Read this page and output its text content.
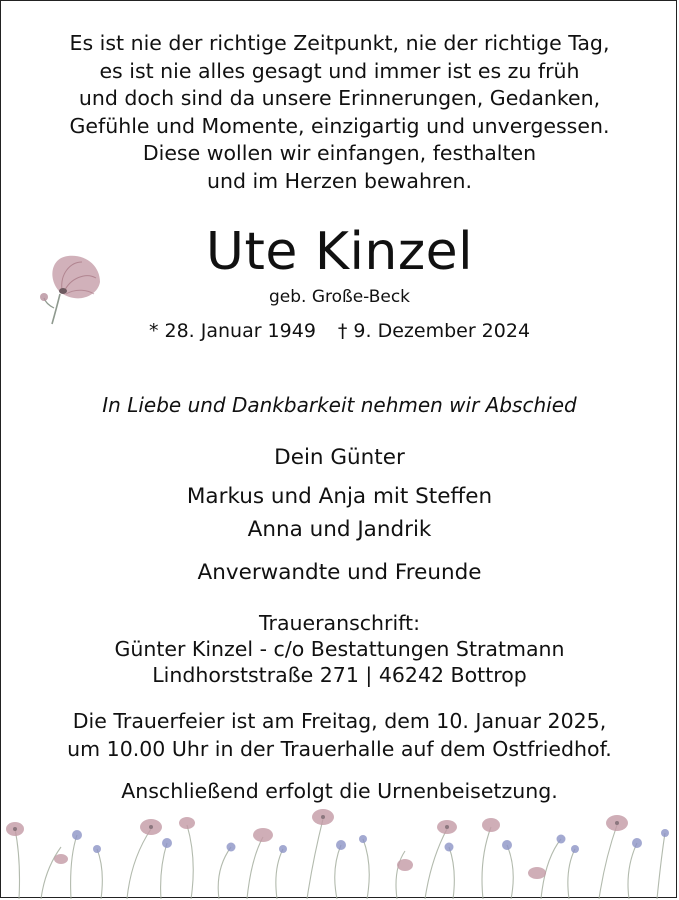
Es ist nie der richtige Zeitpunkt, nie der richtige Tag,
es ist nie alles gesagt und immer ist es zu früh
und doch sind da unsere Erinnerungen, Gedanken,
Gefühle und Momente, einzigartig und unvergessen.
Diese wollen wir einfangen, festhalten
und im Herzen bewahren.
Ute Kinzel
geb. Große-Beck
* 28. Januar 1949 † 9. Dezember 2024
In Liebe und Dankbarkeit nehmen wir Abschied
Dein Günter
Markus und Anja mit Steffen
Anna und Jandrik
Anverwandte und Freunde
Traueranschrift:
Günter Kinzel - c/o Bestattungen Stratmann
Lindhorststraße 271 | 46242 Bottrop
Die Trauerfeier ist am Freitag, dem 10. Januar 2025,
um 10.00 Uhr in der Trauerhalle auf dem Ostfriedhof.
Anschließend erfolgt die Urnenbeisetzung.
